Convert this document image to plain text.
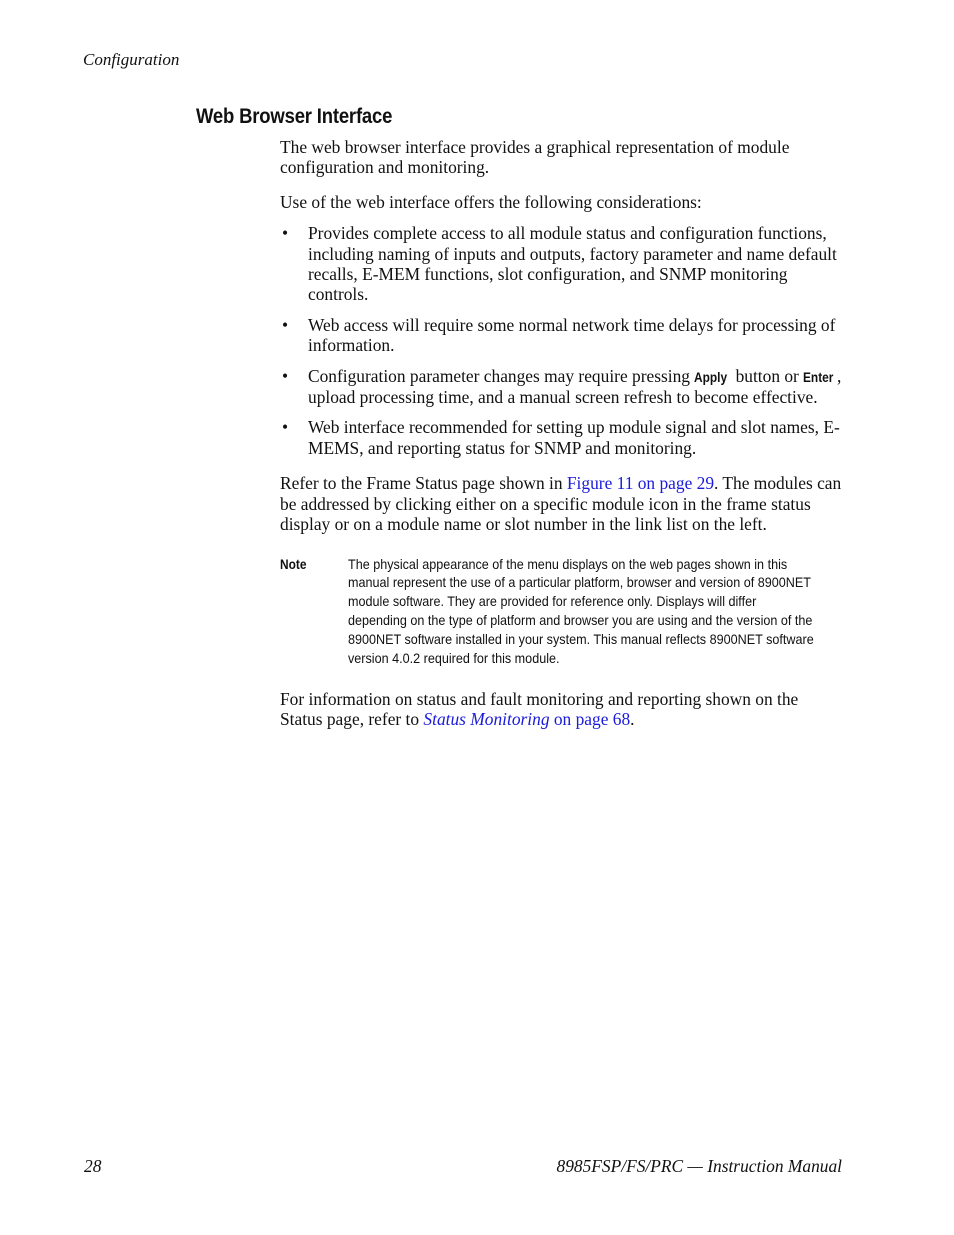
Configuration
Web Browser Interface

The web browser interface provides a graphical representation of module configuration and monitoring.

Use of the web interface offers the following considerations:

• Provides complete access to all module status and configuration functions, including naming of inputs and outputs, factory parameter and name default recalls, E-MEM functions, slot configuration, and SNMP monitoring controls.
• Web access will require some normal network time delays for processing of information.
• Configuration parameter changes may require pressing Apply button or Enter , upload processing time, and a manual screen refresh to become effective.
• Web interface recommended for setting up module signal and slot names, E-MEMS, and reporting status for SNMP and monitoring.

Refer to the Frame Status page shown in Figure 11 on page 29. The modules can be addressed by clicking either on a specific module icon in the frame status display or on a module name or slot number in the link list on the left.

Note	The physical appearance of the menu displays on the web pages shown in this manual represent the use of a particular platform, browser and version of 8900NET module software. They are provided for reference only. Displays will differ depending on the type of platform and browser you are using and the version of the 8900NET software installed in your system. This manual reflects 8900NET software version 4.0.2 required for this module.

For information on status and fault monitoring and reporting shown on the Status page, refer to Status Monitoring on page 68.

28	8985FSP/FS/PRC — Instruction Manual
